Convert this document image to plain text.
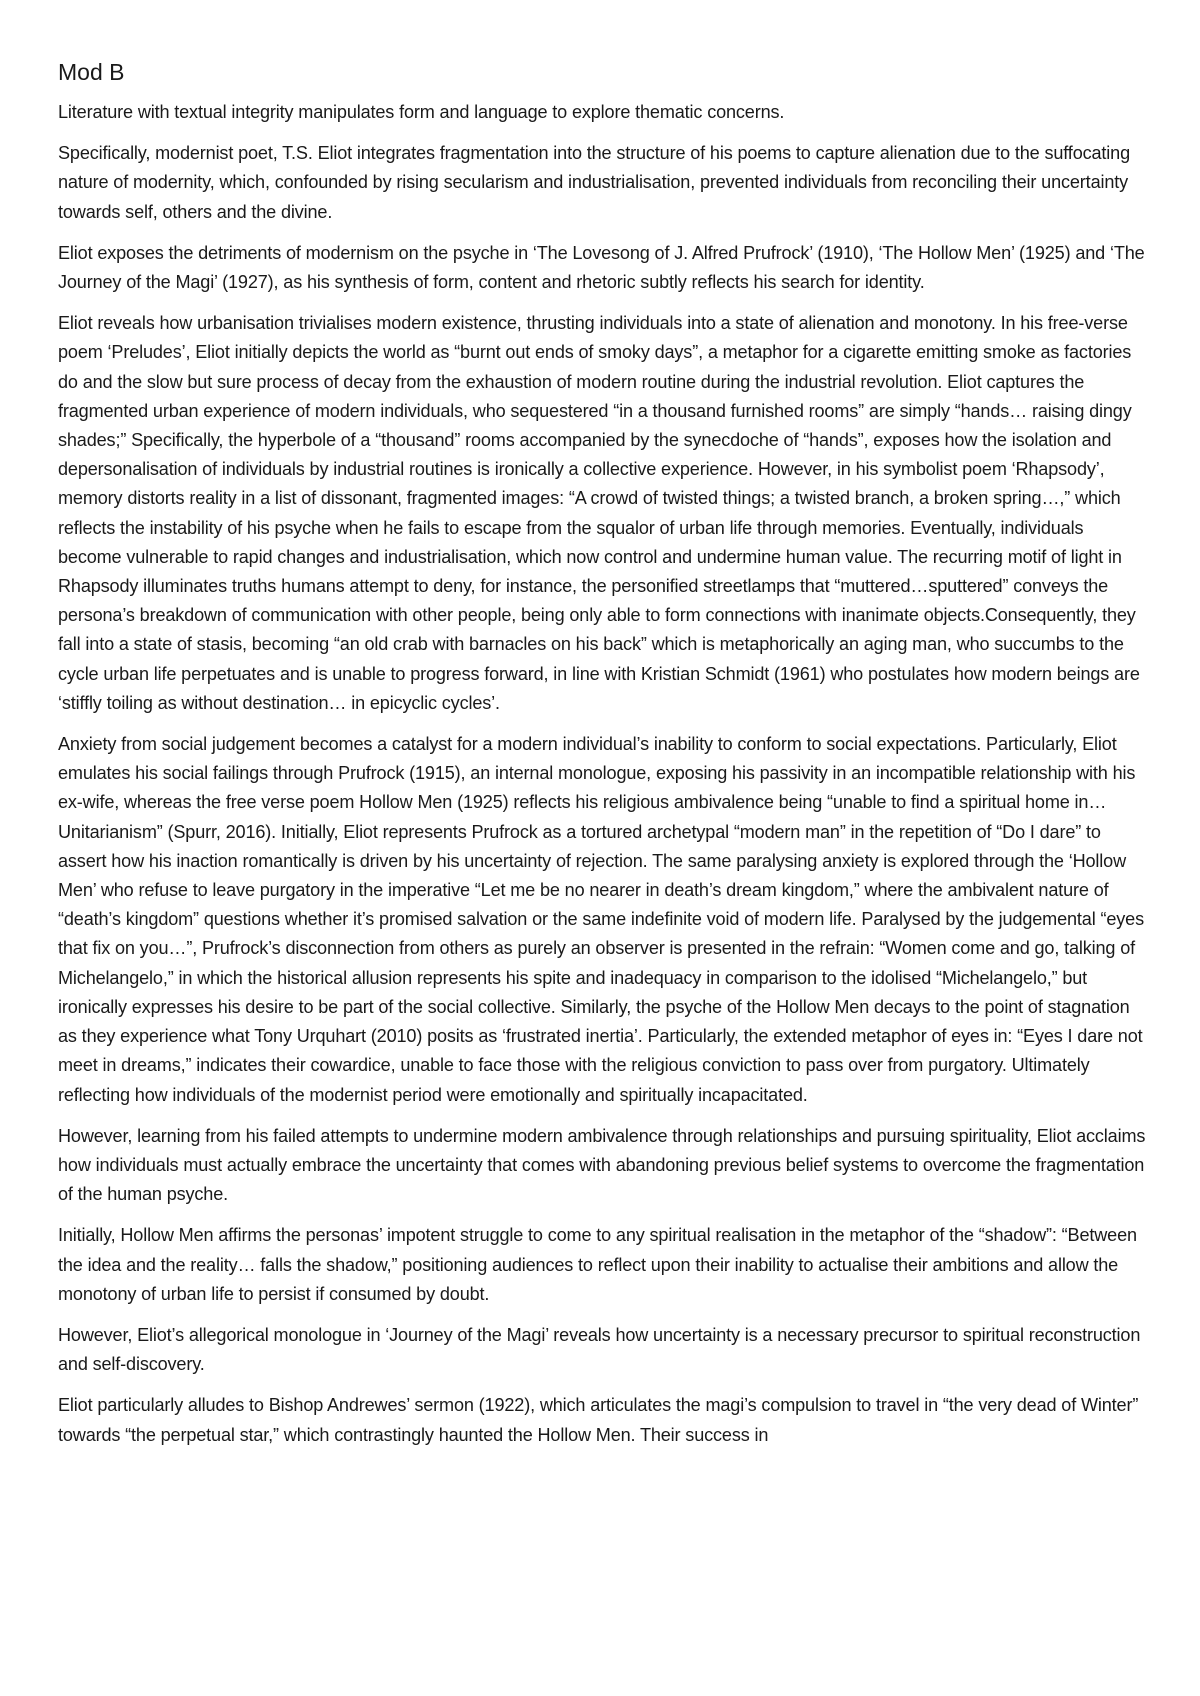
Mod B

Literature with textual integrity manipulates form and language to explore thematic concerns.

Specifically, modernist poet, T.S. Eliot integrates fragmentation into the structure of his poems to capture alienation due to the suffocating nature of modernity, which, confounded by rising secularism and industrialisation, prevented individuals from reconciling their uncertainty towards self, others and the divine.

Eliot exposes the detriments of modernism on the psyche in ‘The Lovesong of J. Alfred Prufrock’ (1910), ‘The Hollow Men’ (1925) and ‘The Journey of the Magi’ (1927), as his synthesis of form, content and rhetoric subtly reflects his search for identity.

Eliot reveals how urbanisation trivialises modern existence, thrusting individuals into a state of alienation and monotony. In his free-verse poem ‘Preludes’, Eliot initially depicts the world as “burnt out ends of smoky days”, a metaphor for a cigarette emitting smoke as factories do and the slow but sure process of decay from the exhaustion of modern routine during the industrial revolution. Eliot captures the fragmented urban experience of modern individuals, who sequestered “in a thousand furnished rooms” are simply “hands… raising dingy shades;” Specifically, the hyperbole of a “thousand” rooms accompanied by the synecdoche of “hands”, exposes how the isolation and depersonalisation of individuals by industrial routines is ironically a collective experience. However, in his symbolist poem ‘Rhapsody’, memory distorts reality in a list of dissonant, fragmented images: “A crowd of twisted things; a twisted branch, a broken spring…,” which reflects the instability of his psyche when he fails to escape from the squalor of urban life through memories. Eventually, individuals become vulnerable to rapid changes and industrialisation, which now control and undermine human value. The recurring motif of light in Rhapsody illuminates truths humans attempt to deny, for instance, the personified streetlamps that “muttered…sputtered” conveys the persona’s breakdown of communication with other people, being only able to form connections with inanimate objects.Consequently, they fall into a state of stasis, becoming “an old crab with barnacles on his back” which is metaphorically an aging man, who succumbs to the cycle urban life perpetuates and is unable to progress forward, in line with Kristian Schmidt (1961) who postulates how modern beings are ‘stiffly toiling as without destination… in epicyclic cycles’.

Anxiety from social judgement becomes a catalyst for a modern individual’s inability to conform to social expectations. Particularly, Eliot emulates his social failings through Prufrock (1915), an internal monologue, exposing his passivity in an incompatible relationship with his ex-wife, whereas the free verse poem Hollow Men (1925) reflects his religious ambivalence being “unable to find a spiritual home in… Unitarianism” (Spurr, 2016). Initially, Eliot represents Prufrock as a tortured archetypal “modern man” in the repetition of “Do I dare” to assert how his inaction romantically is driven by his uncertainty of rejection. The same paralysing anxiety is explored through the ‘Hollow Men’ who refuse to leave purgatory in the imperative “Let me be no nearer in death’s dream kingdom,” where the ambivalent nature of “death’s kingdom” questions whether it’s promised salvation or the same indefinite void of modern life. Paralysed by the judgemental “eyes that fix on you…”, Prufrock’s disconnection from others as purely an observer is presented in the refrain: “Women come and go, talking of Michelangelo,” in which the historical allusion represents his spite and inadequacy in comparison to the idolised “Michelangelo,” but ironically expresses his desire to be part of the social collective. Similarly, the psyche of the Hollow Men decays to the point of stagnation as they experience what Tony Urquhart (2010) posits as ‘frustrated inertia’. Particularly, the extended metaphor of eyes in: “Eyes I dare not meet in dreams,” indicates their cowardice, unable to face those with the religious conviction to pass over from purgatory. Ultimately reflecting how individuals of the modernist period were emotionally and spiritually incapacitated.

However, learning from his failed attempts to undermine modern ambivalence through relationships and pursuing spirituality, Eliot acclaims how individuals must actually embrace the uncertainty that comes with abandoning previous belief systems to overcome the fragmentation of the human psyche.

Initially, Hollow Men affirms the personas’ impotent struggle to come to any spiritual realisation in the metaphor of the “shadow”: “Between the idea and the reality… falls the shadow,” positioning audiences to reflect upon their inability to actualise their ambitions and allow the monotony of urban life to persist if consumed by doubt.

However, Eliot’s allegorical monologue in ‘Journey of the Magi’ reveals how uncertainty is a necessary precursor to spiritual reconstruction and self-discovery.

Eliot particularly alludes to Bishop Andrewes’ sermon (1922), which articulates the magi’s compulsion to travel in “the very dead of Winter” towards “the perpetual star,” which contrastingly haunted the Hollow Men. Their success in
